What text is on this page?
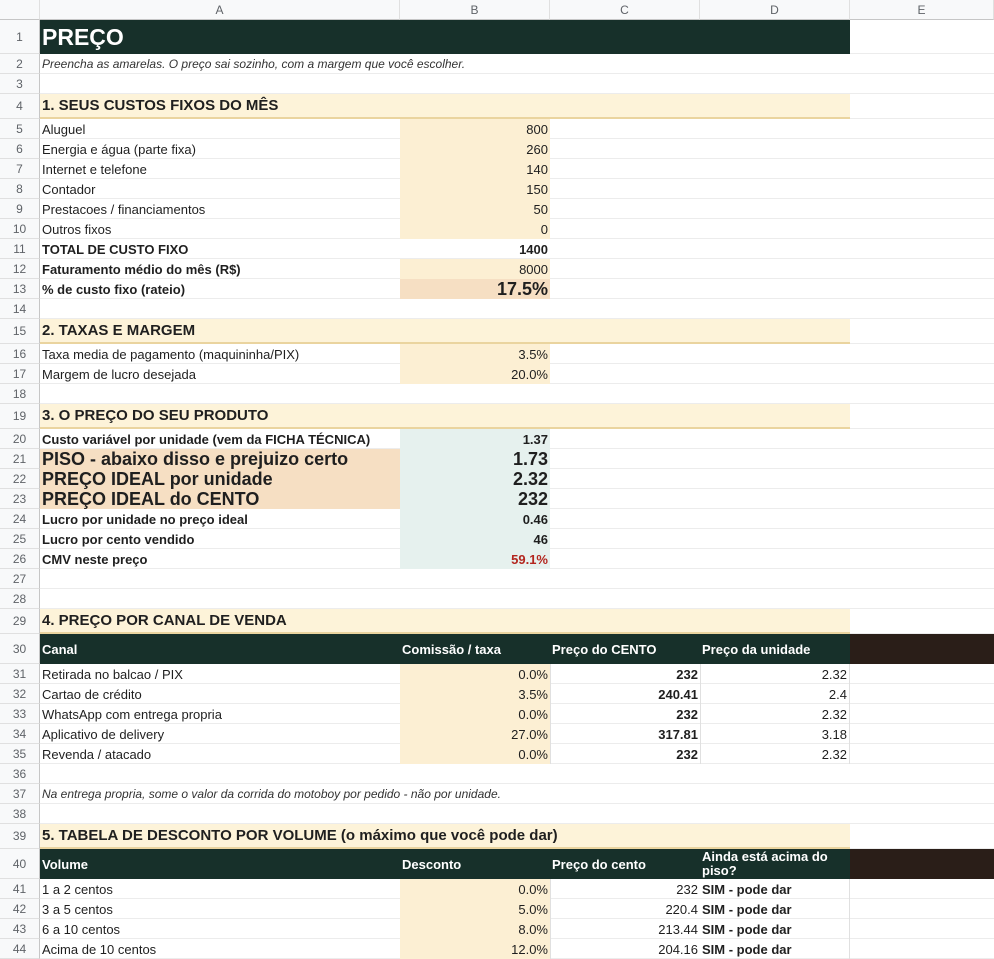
A	B	C	D	E
1
2
3
4
5
6
7
8
9
10
11
12
13
14
15
16
17
18
19
20
21
22
23
24
25
26
27
28
29
30
31
32
33
34
35
36
37
38
39
40
41
42
43
44
PREÇO
Preencha as amarelas. O preço sai sozinho, com a margem que você escolher.
1. SEUS CUSTOS FIXOS DO MÊS
Aluguel	800
Energia e água (parte fixa)	260
Internet e telefone	140
Contador	150
Prestacoes / financiamentos	50
Outros fixos	0
TOTAL DE CUSTO FIXO	1400
Faturamento médio do mês (R$)	8000
% de custo fixo (rateio)	17.5%
2. TAXAS E MARGEM
Taxa media de pagamento (maquininha/PIX)	3.5%
Margem de lucro desejada	20.0%
3. O PREÇO DO SEU PRODUTO
Custo variável por unidade (vem da FICHA TÉCNICA)	1.37
PISO - abaixo disso e prejuizo certo	1.73
PREÇO IDEAL por unidade	2.32
PREÇO IDEAL do CENTO	232
Lucro por unidade no preço ideal	0.46
Lucro por cento vendido	46
CMV neste preço	59.1%
4. PREÇO POR CANAL DE VENDA
Canal	Comissão / taxa	Preço do CENTO	Preço da unidade
Retirada no balcao / PIX	0.0%	232	2.32
Cartao de crédito	3.5%	240.41	2.4
WhatsApp com entrega propria	0.0%	232	2.32
Aplicativo de delivery	27.0%	317.81	3.18
Revenda / atacado	0.0%	232	2.32
Na entrega propria, some o valor da corrida do motoboy por pedido - não por unidade.
5. TABELA DE DESCONTO POR VOLUME (o máximo que você pode dar)
Volume	Desconto	Preço do cento	Ainda está acima do piso?
1 a 2 centos	0.0%	232 SIM - pode dar
3 a 5 centos	5.0%	220.4 SIM - pode dar
6 a 10 centos	8.0%	213.44 SIM - pode dar
Acima de 10 centos	12.0%	204.16 SIM - pode dar
